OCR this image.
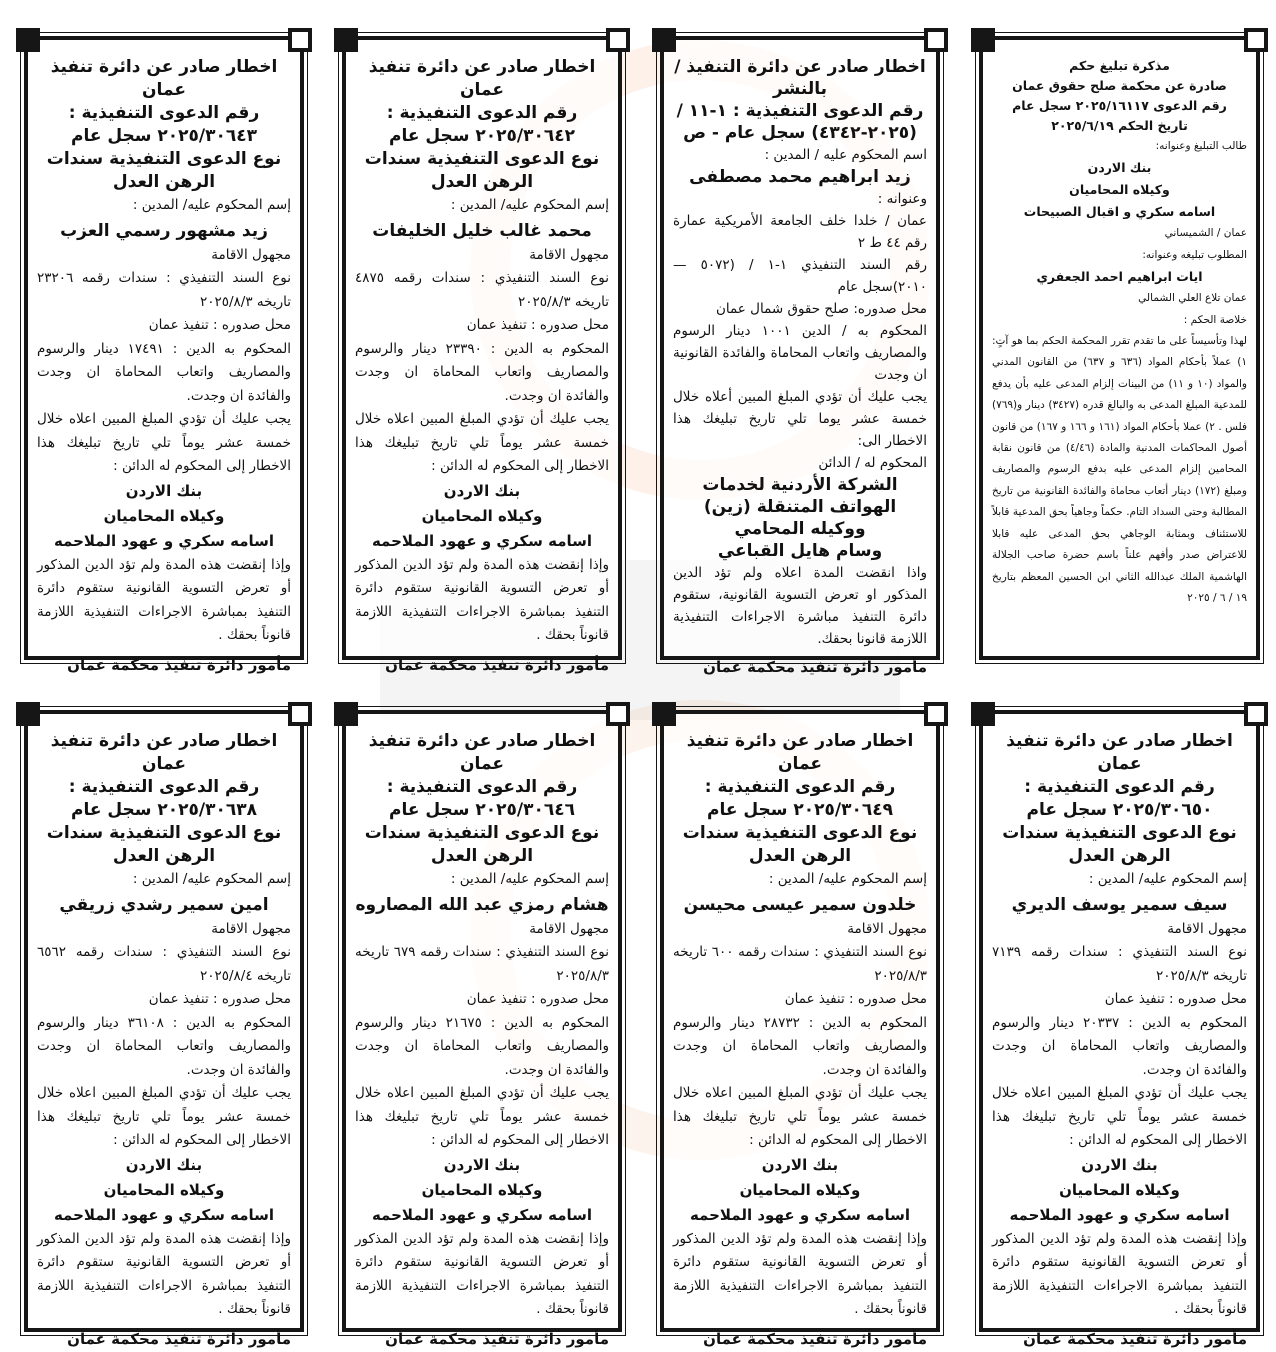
مذكرة تبليغ حكم
صادرة عن محكمة صلح حقوق عمان
رقم الدعوى ٢٠٢٥/١٦١١٧ سجل عام
تاريخ الحكم ٢٠٢٥/٦/١٩
طالب التبليغ وعنوانه:
بنك الاردن
وكيلاه المحاميان
اسامه سكري و اقبال الصبيحات
عمان / الشميساني
المطلوب تبليغه وعنوانه:
ايات ابراهيم احمد الجعفري
عمان تلاع العلي الشمالي
خلاصة الحكم :
لهذا وتأسيساً على ما تقدم تقرر المحكمة الحكم بما هو آتٍ: ١) عملاً بأحكام المواد (٦٣٦ و ٦٣٧) من القانون المدني والمواد (١٠ و ١١) من البينات إلزام المدعى عليه بأن يدفع للمدعية المبلغ المدعى به والبالغ قدره (٣٤٢٧) دينار و(٧٦٩) فلس . ٢) عملا بأحكام المواد (١٦١ و ١٦٦ و ١٦٧) من قانون أصول المحاكمات المدنية والمادة (٤/٤٦) من قانون نقابة المحامين إلزام المدعى عليه بدفع الرسوم والمصاريف ومبلغ (١٧٢) دينار أتعاب محاماة والفائدة القانونية من تاريخ المطالبة وحتى السداد التام. حكماً وجاهياً بحق المدعية قابلاً للاستئناف وبمثابة الوجاهي بحق المدعى عليه قابلا للاعتراض صدر وأفهم علناً باسم حضرة صاحب الجلالة الهاشمية الملك عبدالله الثاني ابن الحسين المعظم بتاريخ ١٩ / ٦ / ٢٠٢٥
اخطار صادر عن دائرة التنفيذ / بالنشر
رقم الدعوى التنفيذية : ١-١١ / (٢٠٢٥-٤٣٤٢) سجل عام - ص
اسم المحكوم عليه / المدين :
زيد ابراهيم محمد مصطفى
وعنوانه :
عمان / خلدا خلف الجامعة الأمريكية عمارة رقم ٤٤ ط ٢
رقم السند التنفيذي ١-١ / (٥٠٧٢ — ٢٠١٠)سجل عام
محل صدوره: صلح حقوق شمال عمان
المحكوم به / الدين ١٠٠١ دينار الرسوم والمصاريف واتعاب المحاماة والفائدة القانونية ان وجدت
يجب عليك أن تؤدي المبلغ المبين أعلاه خلال خمسة عشر يوما تلي تاريخ تبليغك هذا الاخطار الى:
المحكوم له / الدائن
الشركة الأردنية لخدمات الهواتف المتنقلة (زين)
ووكيله المحامي
وسام هايل القباعي
واذا انقضت المدة اعلاه ولم تؤد الدين المذكور او تعرض التسوية القانونية، ستقوم دائرة التنفيذ مباشرة الاجراءات التنفيذية اللازمة قانونا بحقك.
مأمور دائرة تنفيذ محكمة عمان
اخطار صادر عن دائرة تنفيذ عمان
رقم الدعوى التنفيذية :
٢٠٢٥/٣٠٦٤٢ سجل عام
نوع الدعوى التنفيذية سندات الرهن العدل
إسم المحكوم عليه/ المدين :
محمد غالب خليل الخليفات
مجهول الاقامة
نوع السند التنفيذي : سندات رقمه ٤٨٧٥ تاريخه ٢٠٢٥/٨/٣
محل صدوره : تنفيذ عمان
المحكوم به الدين : ٢٣٣٩٠ دينار والرسوم والمصاريف واتعاب المحاماة ان وجدت والفائدة ان وجدت.
يجب عليك أن تؤدي المبلغ المبين اعلاه خلال خمسة عشر يوماً تلي تاريخ تبليغك هذا الاخطار إلى المحكوم له الدائن :
بنك الاردن
وكيلاه المحاميان
اسامه سكري و عهود الملاحمه
وإذا إنقضت هذه المدة ولم تؤد الدين المذكور أو تعرض التسوية القانونية ستقوم دائرة التنفيذ بمباشرة الاجراءات التنفيذية اللازمة قانوناً بحقك .
مأمور دائرة تنفيذ محكمة عمان
اخطار صادر عن دائرة تنفيذ عمان
رقم الدعوى التنفيذية :
٢٠٢٥/٣٠٦٤٣ سجل عام
نوع الدعوى التنفيذية سندات الرهن العدل
إسم المحكوم عليه/ المدين :
زيد مشهور رسمي العزب
مجهول الاقامة
نوع السند التنفيذي : سندات رقمه ٢٣٢٠٦ تاريخه ٢٠٢٥/٨/٣
محل صدوره : تنفيذ عمان
المحكوم به الدين : ١٧٤٩١ دينار والرسوم والمصاريف واتعاب المحاماة ان وجدت والفائدة ان وجدت.
يجب عليك أن تؤدي المبلغ المبين اعلاه خلال خمسة عشر يوماً تلي تاريخ تبليغك هذا الاخطار إلى المحكوم له الدائن :
بنك الاردن
وكيلاه المحاميان
اسامه سكري و عهود الملاحمه
وإذا إنقضت هذه المدة ولم تؤد الدين المذكور أو تعرض التسوية القانونية ستقوم دائرة التنفيذ بمباشرة الاجراءات التنفيذية اللازمة قانوناً بحقك .
مأمور دائرة تنفيذ محكمة عمان
اخطار صادر عن دائرة تنفيذ عمان
رقم الدعوى التنفيذية :
٢٠٢٥/٣٠٦٥٠ سجل عام
نوع الدعوى التنفيذية سندات الرهن العدل
إسم المحكوم عليه/ المدين :
سيف سمير يوسف الديري
مجهول الاقامة
نوع السند التنفيذي : سندات رقمه ٧١٣٩ تاريخه ٢٠٢٥/٨/٣
محل صدوره : تنفيذ عمان
المحكوم به الدين : ٢٠٣٣٧ دينار والرسوم والمصاريف واتعاب المحاماة ان وجدت والفائدة ان وجدت.
يجب عليك أن تؤدي المبلغ المبين اعلاه خلال خمسة عشر يوماً تلي تاريخ تبليغك هذا الاخطار إلى المحكوم له الدائن :
بنك الاردن
وكيلاه المحاميان
اسامه سكري و عهود الملاحمه
وإذا إنقضت هذه المدة ولم تؤد الدين المذكور أو تعرض التسوية القانونية ستقوم دائرة التنفيذ بمباشرة الاجراءات التنفيذية اللازمة قانوناً بحقك .
مأمور دائرة تنفيذ محكمة عمان
اخطار صادر عن دائرة تنفيذ عمان
رقم الدعوى التنفيذية :
٢٠٢٥/٣٠٦٤٩ سجل عام
نوع الدعوى التنفيذية سندات الرهن العدل
إسم المحكوم عليه/ المدين :
خلدون سمير عيسى محيسن
مجهول الاقامة
نوع السند التنفيذي : سندات رقمه ٦٠٠ تاريخه ٢٠٢٥/٨/٣
محل صدوره : تنفيذ عمان
المحكوم به الدين : ٢٨٧٣٢ دينار والرسوم والمصاريف واتعاب المحاماة ان وجدت والفائدة ان وجدت.
يجب عليك أن تؤدي المبلغ المبين اعلاه خلال خمسة عشر يوماً تلي تاريخ تبليغك هذا الاخطار إلى المحكوم له الدائن :
بنك الاردن
وكيلاه المحاميان
اسامه سكري و عهود الملاحمه
وإذا إنقضت هذه المدة ولم تؤد الدين المذكور أو تعرض التسوية القانونية ستقوم دائرة التنفيذ بمباشرة الاجراءات التنفيذية اللازمة قانوناً بحقك .
مأمور دائرة تنفيذ محكمة عمان
اخطار صادر عن دائرة تنفيذ عمان
رقم الدعوى التنفيذية :
٢٠٢٥/٣٠٦٤٦ سجل عام
نوع الدعوى التنفيذية سندات الرهن العدل
إسم المحكوم عليه/ المدين :
هشام رمزي عبد الله المصاروه
مجهول الاقامة
نوع السند التنفيذي : سندات رقمه ٦٧٩ تاريخه ٢٠٢٥/٨/٣
محل صدوره : تنفيذ عمان
المحكوم به الدين : ٢١٦٧٥ دينار والرسوم والمصاريف واتعاب المحاماة ان وجدت والفائدة ان وجدت.
يجب عليك أن تؤدي المبلغ المبين اعلاه خلال خمسة عشر يوماً تلي تاريخ تبليغك هذا الاخطار إلى المحكوم له الدائن :
بنك الاردن
وكيلاه المحاميان
اسامه سكري و عهود الملاحمه
وإذا إنقضت هذه المدة ولم تؤد الدين المذكور أو تعرض التسوية القانونية ستقوم دائرة التنفيذ بمباشرة الاجراءات التنفيذية اللازمة قانوناً بحقك .
مأمور دائرة تنفيذ محكمة عمان
اخطار صادر عن دائرة تنفيذ عمان
رقم الدعوى التنفيذية :
٢٠٢٥/٣٠٦٣٨ سجل عام
نوع الدعوى التنفيذية سندات الرهن العدل
إسم المحكوم عليه/ المدين :
امين سمير رشدي زريقي
مجهول الاقامة
نوع السند التنفيذي : سندات رقمه ٦٥٦٢ تاريخه ٢٠٢٥/٨/٤
محل صدوره : تنفيذ عمان
المحكوم به الدين : ٣٦١٠٨ دينار والرسوم والمصاريف واتعاب المحاماة ان وجدت والفائدة ان وجدت.
يجب عليك أن تؤدي المبلغ المبين اعلاه خلال خمسة عشر يوماً تلي تاريخ تبليغك هذا الاخطار إلى المحكوم له الدائن :
بنك الاردن
وكيلاه المحاميان
اسامه سكري و عهود الملاحمه
وإذا إنقضت هذه المدة ولم تؤد الدين المذكور أو تعرض التسوية القانونية ستقوم دائرة التنفيذ بمباشرة الاجراءات التنفيذية اللازمة قانوناً بحقك .
مأمور دائرة تنفيذ محكمة عمان
